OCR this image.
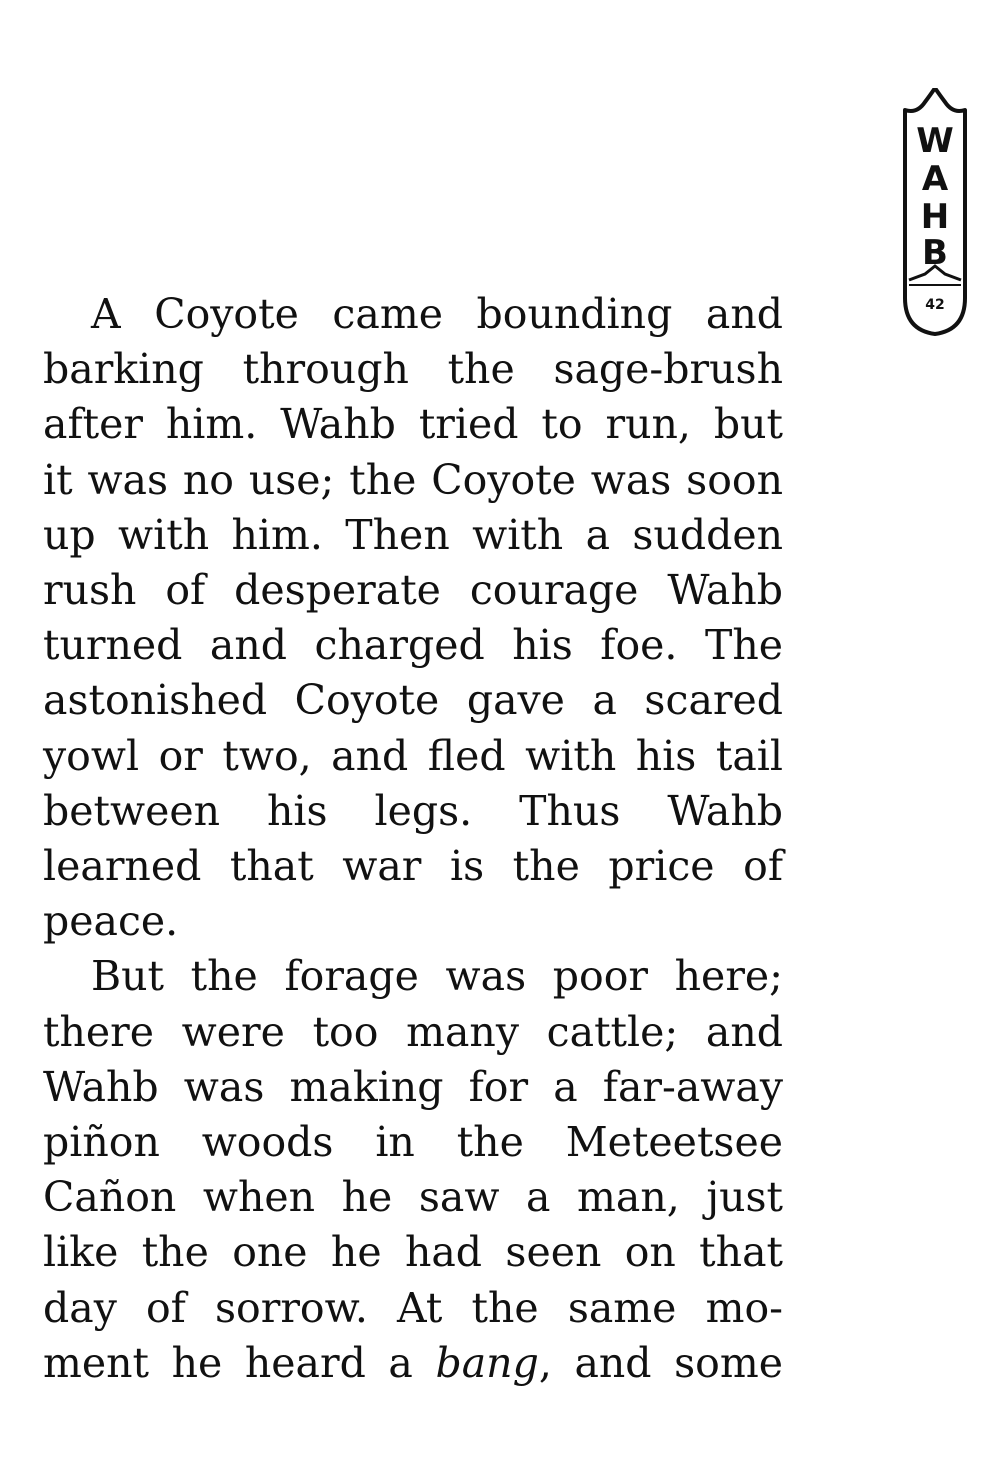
W
A
H
B
42
A Coyote came bounding and
barking through the sage-brush
after him. Wahb tried to run, but
it was no use; the Coyote was soon
up with him. Then with a sudden
rush of desperate courage Wahb
turned and charged his foe. The
astonished Coyote gave a scared
yowl or two, and fled with his tail
between his legs. Thus Wahb
learned that war is the price of
peace.
But the forage was poor here;
there were too many cattle; and
Wahb was making for a far-away
piñon woods in the Meteetsee
Cañon when he saw a man, just
like the one he had seen on that
day of sorrow. At the same mo-
ment he heard a bang, and some
